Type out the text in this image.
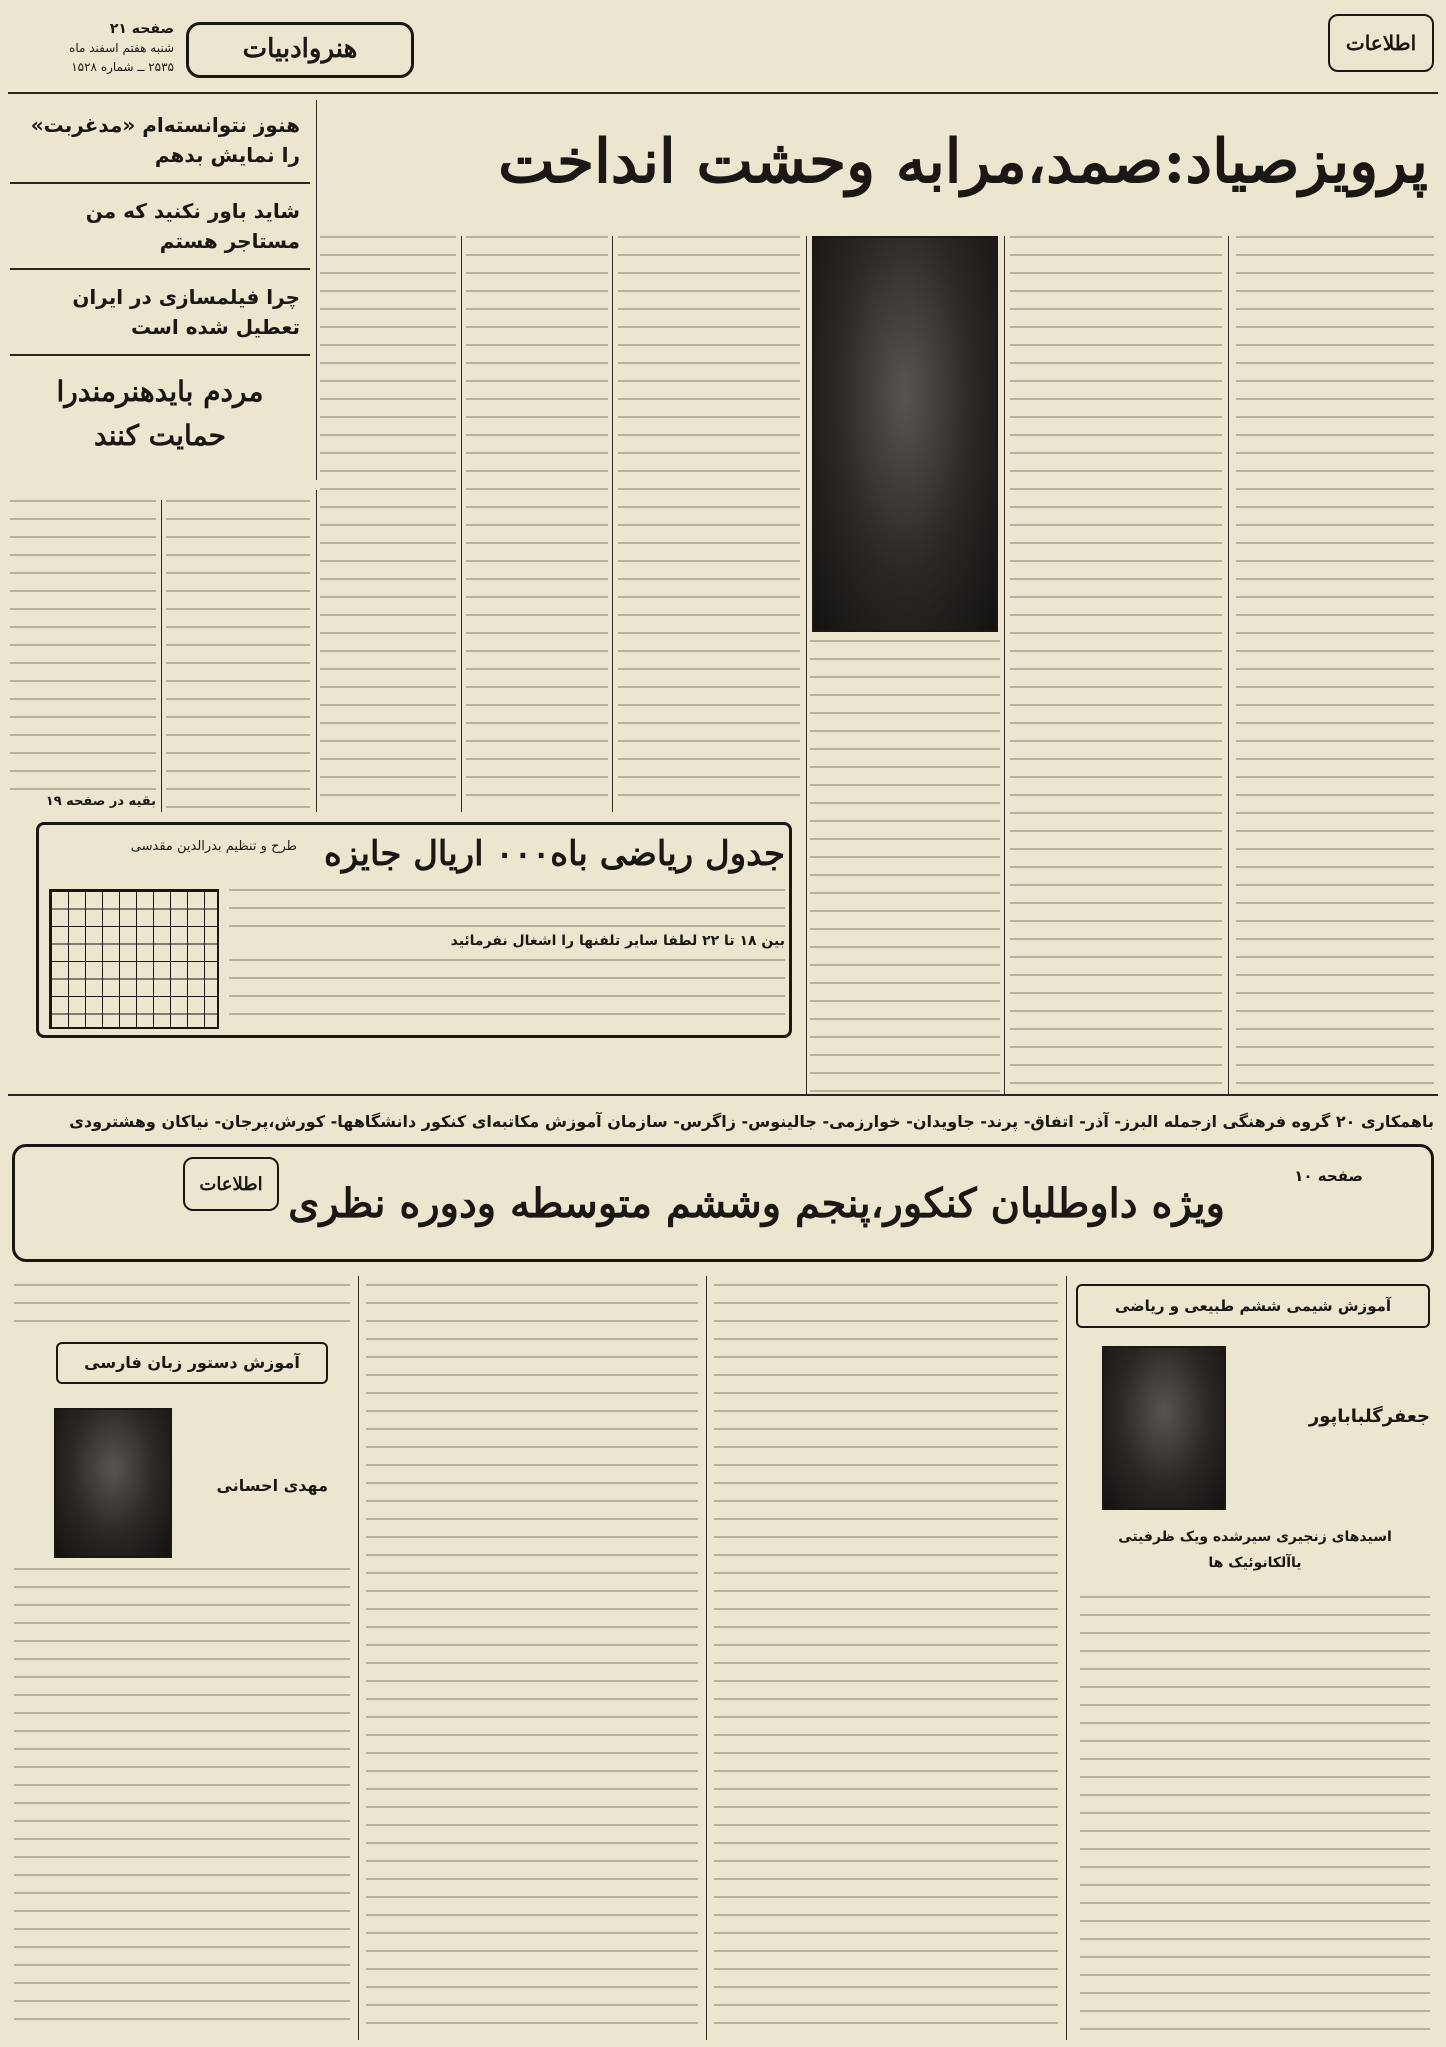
اطلاعات
هنروادبیات
صفحه ۲۱
شنبه هفتم اسفند ماه
۲۵۳۵ ــ شماره ۱۵۲۸
پرویزصیاد:صمد،مرابه وحشت انداخت
هنوز نتوانسته‌ام «مدغربت» را نمایش بدهم
شاید باور نکنید که من مستاجر هستم
چرا فیلمسازی در ایران تعطیل شده است
مردم بایدهنرمندرا حمایت کنند
بقیه در صفحه ۱۹
جدول ریاضی باه۰۰۰ اریال جایزه
طرح و تنظیم بدرالدین مقدسی
بین ۱۸ تا ۲۲ لطفا سایر تلفنها را اشغال نفرمائید
باهمکاری ۲۰ گروه فرهنگی ازجمله البرز- آذر- اتفاق- پرند- جاویدان- خوارزمی- جالینوس- زاگرس- سازمان آموزش مکاتبه‌ای کنکور دانشگاهها- کورش،پرجان- نیاکان وهشترودی
اطلاعات ویژه داوطلبان کنکور،پنجم وششم متوسطه ودوره نظری
صفحه ۱۰
آموزش شیمی ششم طبیعی و ریاضی
جعفرگلباباپور
اسیدهای زنجیری سیرشده ویک ظرفیتی یاآلکانوئیک ها
آموزش دستور زبان فارسی
مهدی احسانی
